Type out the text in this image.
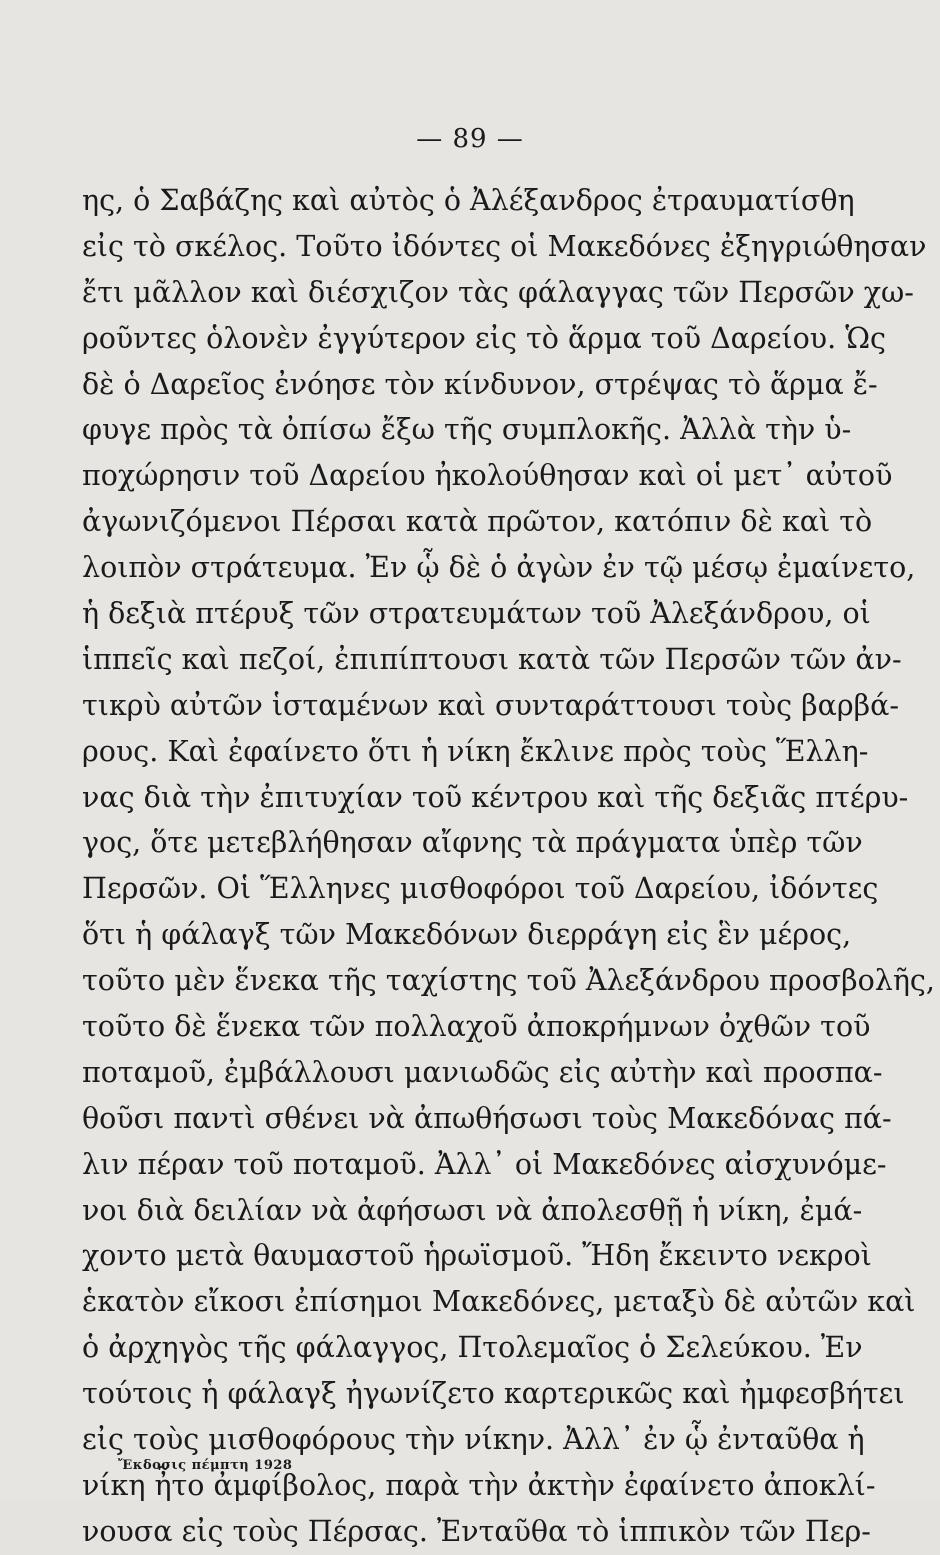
— 89 —
ης, ὁ Σαβάζης καὶ αὐτὸς ὁ Ἀλέξανδρος ἐτραυματίσθη
εἰς τὸ σκέλος. Τοῦτο ἰδόντες οἱ Μακεδόνες ἐξηγριώθησαν
ἔτι μᾶλλον καὶ διέσχιζον τὰς φάλαγγας τῶν Περσῶν χω-
ροῦντες ὁλονὲν ἐγγύτερον εἰς τὸ ἅρμα τοῦ Δαρείου. Ὡς
δὲ ὁ Δαρεῖος ἐνόησε τὸν κίνδυνον, στρέψας τὸ ἅρμα ἔ-
φυγε πρὸς τὰ ὀπίσω ἔξω τῆς συμπλοκῆς. Ἀλλὰ τὴν ὑ-
ποχώρησιν τοῦ Δαρείου ἠκολούθησαν καὶ οἱ μετ᾽ αὐτοῦ
ἀγωνιζόμενοι Πέρσαι κατὰ πρῶτον, κατόπιν δὲ καὶ τὸ
λοιπὸν στράτευμα. Ἐν ᾧ δὲ ὁ ἀγὼν ἐν τῷ μέσῳ ἐμαίνετο,
ἡ δεξιὰ πτέρυξ τῶν στρατευμάτων τοῦ Ἀλεξάνδρου, οἱ
ἱππεῖς καὶ πεζοί, ἐπιπίπτουσι κατὰ τῶν Περσῶν τῶν ἀν-
τικρὺ αὐτῶν ἱσταμένων καὶ συνταράττουσι τοὺς βαρβά-
ρους. Καὶ ἐφαίνετο ὅτι ἡ νίκη ἔκλινε πρὸς τοὺς Ἕλλη-
νας διὰ τὴν ἐπιτυχίαν τοῦ κέντρου καὶ τῆς δεξιᾶς πτέρυ-
γος, ὅτε μετεβλήθησαν αἴφνης τὰ πράγματα ὑπὲρ τῶν
Περσῶν. Οἱ Ἕλληνες μισθοφόροι τοῦ Δαρείου, ἰδόντες
ὅτι ἡ φάλαγξ τῶν Μακεδόνων διερράγη εἰς ἓν μέρος,
τοῦτο μὲν ἕνεκα τῆς ταχίστης τοῦ Ἀλεξάνδρου προσβολῆς,
τοῦτο δὲ ἕνεκα τῶν πολλαχοῦ ἀποκρήμνων ὀχθῶν τοῦ
ποταμοῦ, ἐμβάλλουσι μανιωδῶς εἰς αὐτὴν καὶ προσπα-
θοῦσι παντὶ σθένει νὰ ἀπωθήσωσι τοὺς Μακεδόνας πά-
λιν πέραν τοῦ ποταμοῦ. Ἀλλ᾽ οἱ Μακεδόνες αἰσχυνόμε-
νοι διὰ δειλίαν νὰ ἀφήσωσι νὰ ἀπολεσθῇ ἡ νίκη, ἐμά-
χοντο μετὰ θαυμαστοῦ ἡρωϊσμοῦ. Ἤδη ἔκειντο νεκροὶ
ἑκατὸν εἴκοσι ἐπίσημοι Μακεδόνες, μεταξὺ δὲ αὐτῶν καὶ
ὁ ἀρχηγὸς τῆς φάλαγγος, Πτολεμαῖος ὁ Σελεύκου. Ἐν
τούτοις ἡ φάλαγξ ἠγωνίζετο καρτερικῶς καὶ ἠμφεσβήτει
εἰς τοὺς μισθοφόρους τὴν νίκην. Ἀλλ᾽ ἐν ᾧ ἐνταῦθα ἡ
νίκη ἦτο ἀμφίβολος, παρὰ τὴν ἀκτὴν ἐφαίνετο ἀποκλί-
νουσα εἰς τοὺς Πέρσας. Ἐνταῦθα τὸ ἱππικὸν τῶν Περ-
Ἔκδοσις πέμπτη 1928
